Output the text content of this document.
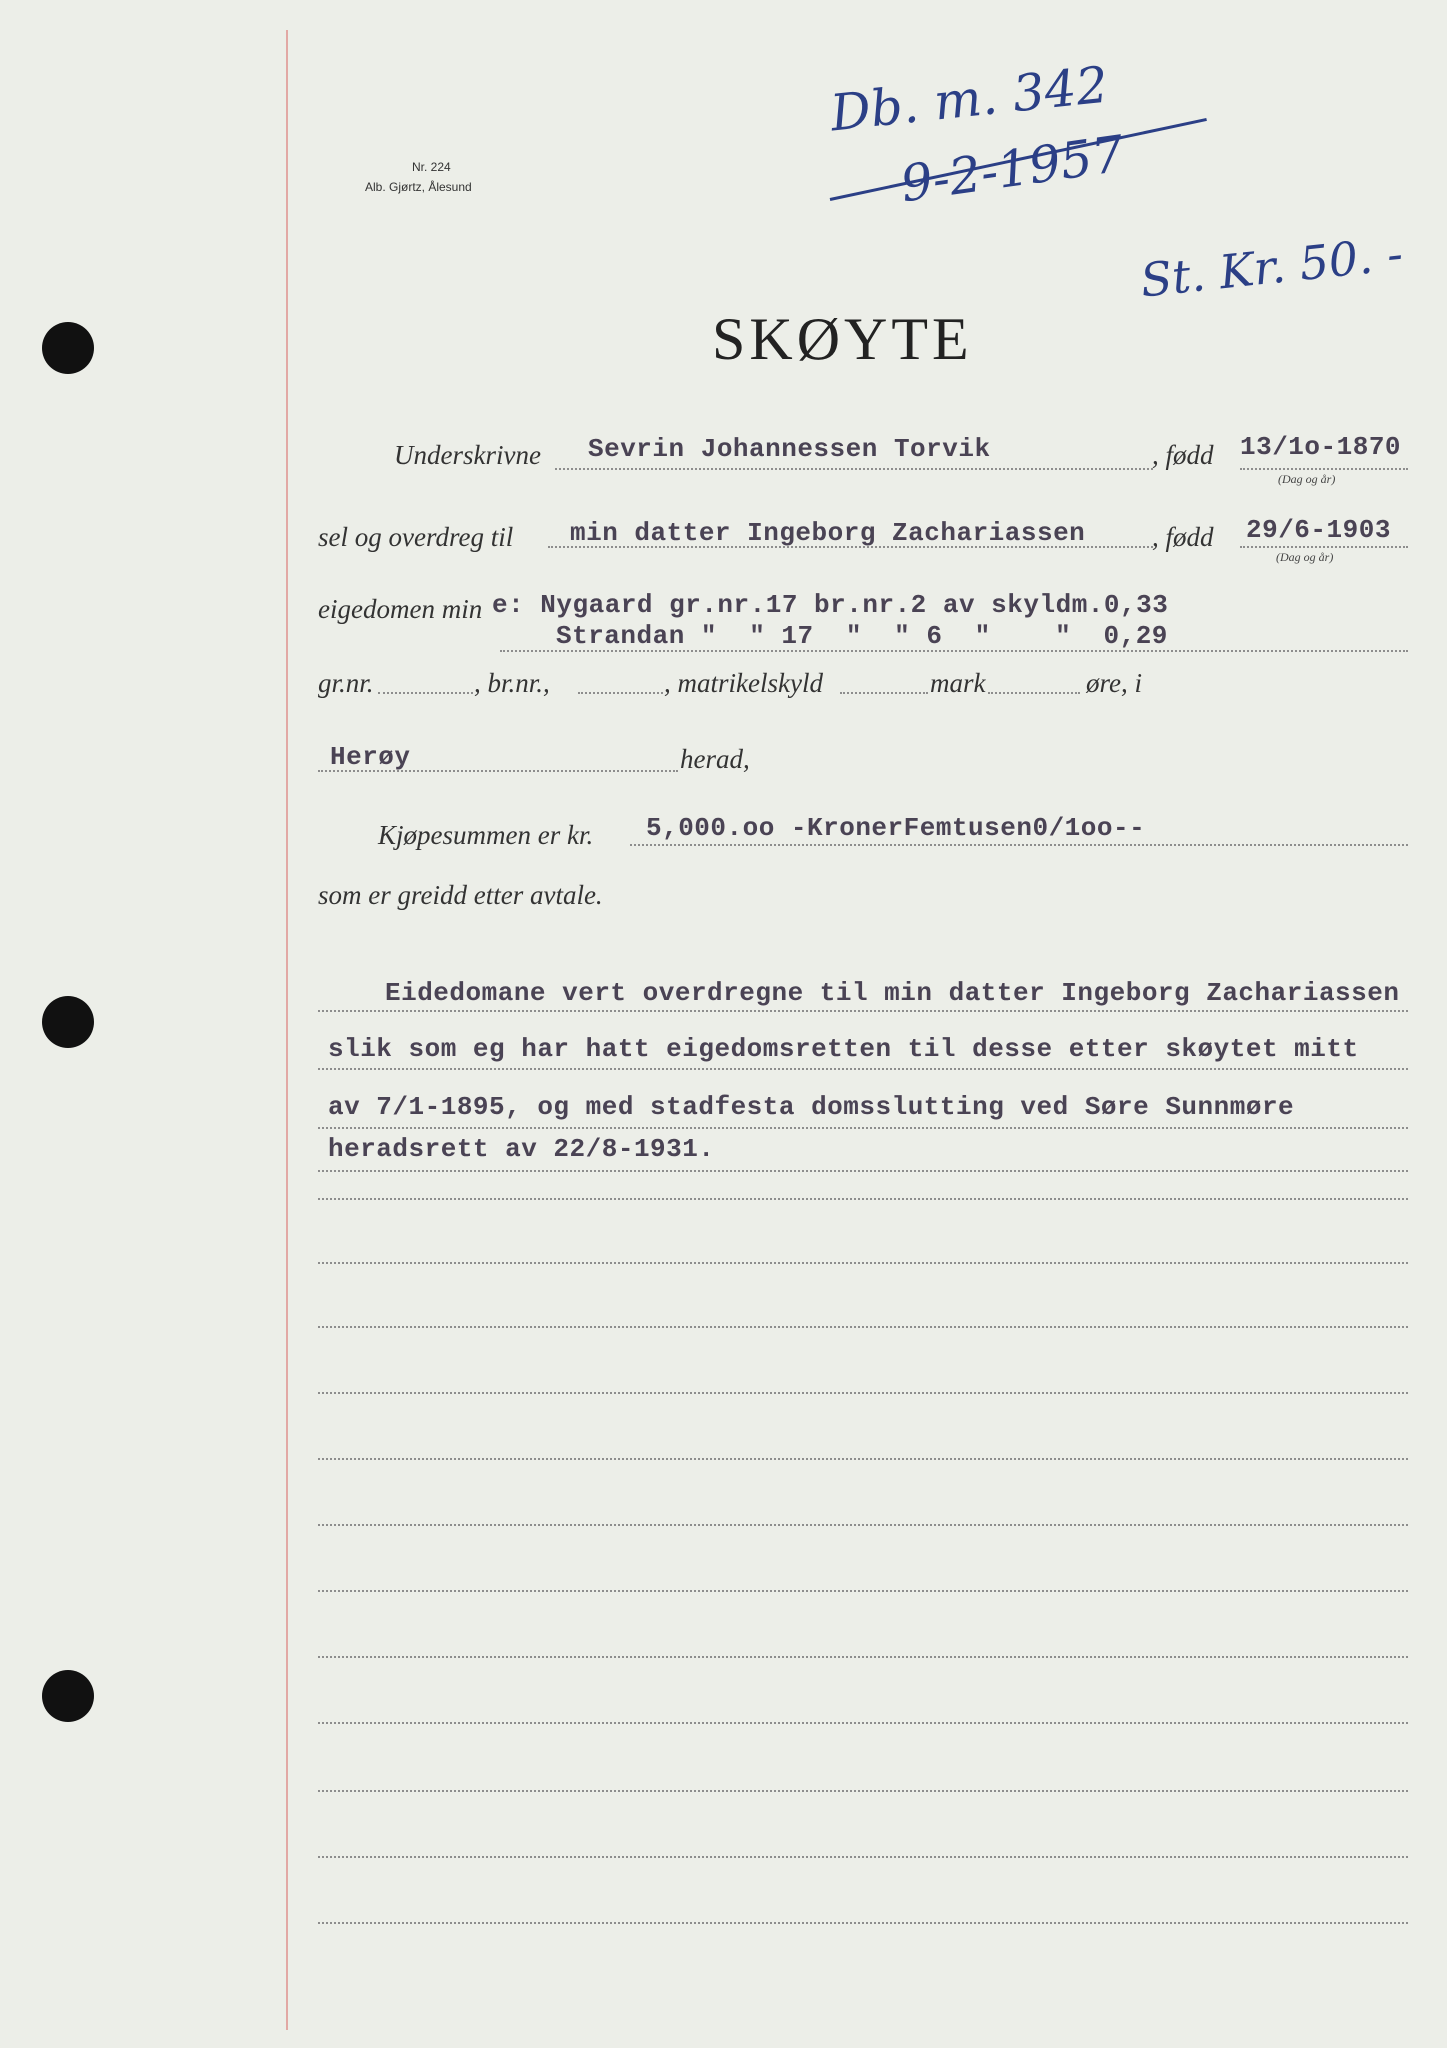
Nr. 224
Alb. Gjørtz, Ålesund
Db. m. 342
9-2-1957
St. Kr. 50. -
SKØYTE
Underskrivne Sevrin Johannessen Torvik	, fødd 13/1o-1870
(Dag og år)
sel og overdreg til min datter Ingeborg Zachariassen , fødd 29/6-1903
(Dag og år)
eigedomen min e: Nygaard gr.nr.17 br.nr.2 av skyldm.0,33
Strandan "  " 17  "  " 6  "    "  0,29
gr.nr.	, br.nr.,	, matrikelskyld	mark	øre, i
Herøy	herad,
Kjøpesummen er kr. 5,000.oo -KronerFemtusen0/1oo--
som er greidd etter avtale.
Eidedomane vert overdregne til min datter Ingeborg Zachariassen
slik som eg har hatt eigedomsretten til desse etter skøytet mitt
av 7/1-1895, og med stadfesta domsslutting ved Søre Sunnmøre
heradsrett av 22/8-1931.
